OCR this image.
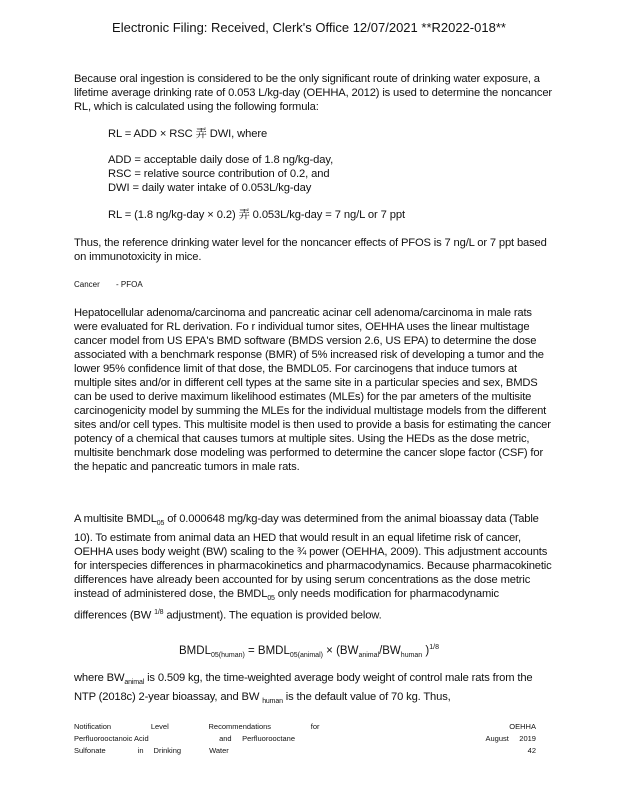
Electronic Filing: Received, Clerk's Office 12/07/2021 **R2022-018**

Because oral ingestion is considered to be the only significant route of drinking water exposure, a lifetime average drinking rate of 0.053 L/kg-day (OEHHA, 2012) is used to determine the noncancer RL, which is calculated using the following formula:

RL = ADD × RSC 弄 DWI, where

ADD = acceptable daily dose of 1.8 ng/kg-day,

RSC = relative source contribution of 0.2, and

DWI = daily water intake of 0.053L/kg-day

RL = (1.8 ng/kg-day × 0.2) 弄 0.053L/kg-day = 7 ng/L or 7 ppt

Thus, the reference drinking water level for the noncancer effects of PFOS is 7 ng/L or 7 ppt based on immunotoxicity in mice.

Cancer - PFOA

Hepatocellular adenoma/carcinoma and pancreatic acinar cell adenoma/carcinoma in male rats were evaluated for RL derivation. Fo r individual tumor sites, OEHHA uses the linear multistage cancer model from US EPA's BMD software (BMDS version 2.6, US EPA) to determine the dose associated with a benchmark response (BMR) of 5% increased risk of developing a tumor and the lower 95% confidence limit of that dose, the BMDL05. For carcinogens that induce tumors at multiple sites and/or in different cell types at the same site in a particular species and sex, BMDS can be used to derive maximum likelihood estimates (MLEs) for the par ameters of the multisite carcinogenicity model by summing the MLEs for the individual multistage models from the different sites and/or cell types. This multisite model is then used to provide a basis for estimating the cancer potency of a chemical that causes tumors at multiple sites. Using the HEDs as the dose metric, multisite benchmark dose modeling was performed to determine the cancer slope factor (CSF) for the hepatic and pancreatic tumors in male rats.

A multisite $BMDL_{05}$ of 0.000648 mg/kg-day was determined from the animal bioassay data (Table 10). To estimate from animal data an HED that would result in an equal lifetime risk of cancer, OEHHA uses body weight (BW) scaling to the ¾ power (OEHHA, 2009). This adjustment accounts for interspecies differences in pharmacokinetics and pharmacodynamics. Because pharmacokinetic differences have already been accounted for by using serum concentrations as the dose metric instead of administered dose, the $BMDL_{05}$ only needs modification for pharmacodynamic differences (BW $^{1/8}$ adjustment). The equation is provided below.

$BMDL_{05(human)}$ = $BMDL_{05(animal)} \times (BW_{animal}/BW_{human}$ )$^{1/8}$

where $BW_{animal}$ is 0.509 kg, the time-weighted average body weight of control male rats from the NTP (2018c) 2-year bioassay, and BW $_{human}$ is the default value of 70 kg. Thus,

Notification	Level	Recommendations	for	OEHHA
Perfluorooctanoic Acid	and Perfluorooctane	August 2019
Sulfonate	in Drinking	Water	42
